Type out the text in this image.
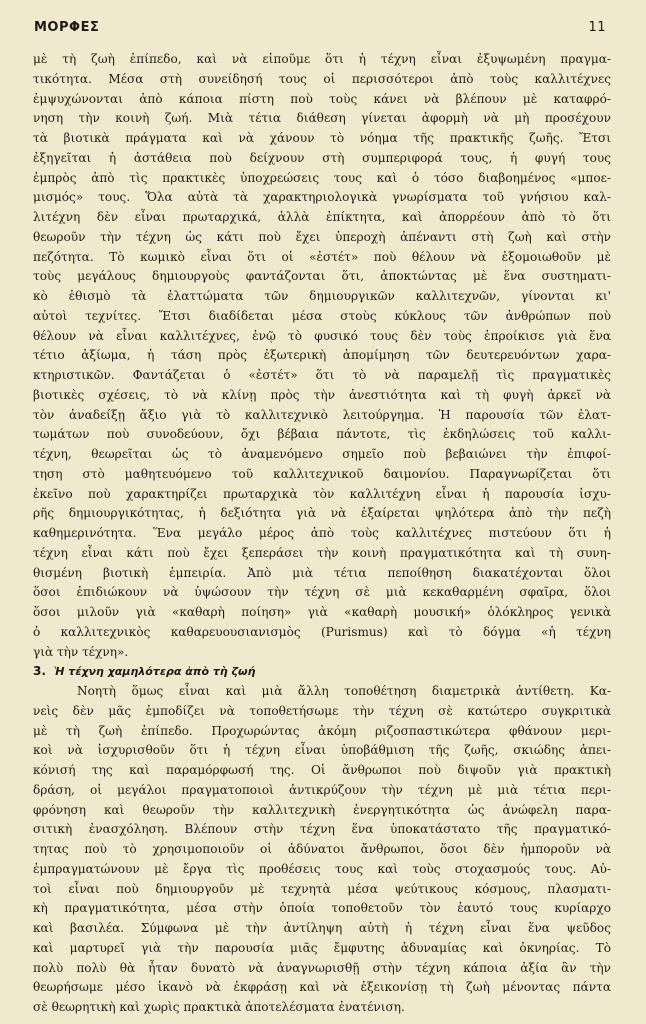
ΜΟΡΦΕΣ	11
μὲ τὴ ζωὴ ἐπίπεδο, καὶ νὰ εἰποῦμε ὅτι ἡ τέχνη εἶναι ἐξυψωμένη πραγμα-
τικότητα. Μέσα στὴ συνείδησή τους οἱ περισσότεροι ἀπὸ τοὺς καλλιτέχνες
ἐμψυχώνονται ἀπὸ κάποια πίστη ποὺ τοὺς κάνει νὰ βλέπουν μὲ καταφρό-
νηση τὴν κοινὴ ζωή. Μιὰ τέτια διάθεση γίνεται ἀφορμὴ νὰ μὴ προσέχουν
τὰ βιοτικὰ πράγματα καὶ νὰ χάνουν τὸ νόημα τῆς πρακτικῆς ζωῆς. Ἔτσι
ἐξηγεῖται ἡ ἀστάθεια ποὺ δείχνουν στὴ συμπεριφορά τους, ἡ φυγή τους
ἐμπρὸς ἀπὸ τὶς πρακτικὲς ὑποχρεώσεις τους καὶ ὁ τόσο διαβοημένος «μποε-
μισμός» τους. Ὅλα αὐτὰ τὰ χαρακτηριολογικὰ γνωρίσματα τοῦ γνήσιου καλ-
λιτέχνη δὲν εἶναι πρωταρχικά, ἀλλὰ ἐπίκτητα, καὶ ἀπορρέουν ἀπὸ τὸ ὅτι
θεωροῦν τὴν τέχνη ὡς κάτι ποὺ ἔχει ὑπεροχὴ ἀπέναντι στὴ ζωὴ καὶ στὴν
πεζότητα. Τὸ κωμικὸ εἶναι ὅτι οἱ «ἐστέτ» ποὺ θέλουν νὰ ἐξομοιωθοῦν μὲ
τοὺς μεγάλους δημιουργοὺς φαντάζονται ὅτι, ἀποκτώντας μὲ ἕνα συστηματι-
κὸ ἐθισμὸ τὰ ἐλαττώματα τῶν δημιουργικῶν καλλιτεχνῶν, γίνονται κι'
αὐτοὶ τεχνίτες. Ἔτσι διαδίδεται μέσα στοὺς κύκλους τῶν ἀνθρώπων ποὺ
θέλουν νὰ εἶναι καλλιτέχνες, ἐνῷ τὸ φυσικό τους δὲν τοὺς ἐπροίκισε γιὰ ἕνα
τέτιο ἀξίωμα, ἡ τάση πρὸς ἐξωτερικὴ ἀπομίμηση τῶν δευτερευόντων χαρα-
κτηριστικῶν. Φαντάζεται ὁ «ἐστέτ» ὅτι τὸ νὰ παραμελῇ τὶς πραγματικὲς
βιοτικὲς σχέσεις, τὸ νὰ κλίνῃ πρὸς τὴν ἀνεστιότητα καὶ τὴ φυγὴ ἀρκεῖ νὰ
τὸν ἀναδείξῃ ἄξιο γιὰ τὸ καλλιτεχνικὸ λειτούργημα. Ἡ παρουσία τῶν ἐλατ-
τωμάτων ποὺ συνοδεύουν, ὄχι βέβαια πάντοτε, τὶς ἐκδηλώσεις τοῦ καλλι-
τέχνη, θεωρεῖται ὡς τὸ ἀναμενόμενο σημεῖο ποὺ βεβαιώνει τὴν ἐπιφοί-
τηση στὸ μαθητευόμενο τοῦ καλλιτεχνικοῦ δαιμονίου. Παραγνωρίζεται ὅτι
ἐκεῖνο ποὺ χαρακτηρίζει πρωταρχικὰ τὸν καλλιτέχνη εἶναι ἡ παρουσία ἰσχυ-
ρῆς δημιουργικότητας, ἡ δεξιότητα γιὰ νὰ ἐξαίρεται ψηλότερα ἀπὸ τὴν πεζὴ
καθημερινότητα. Ἕνα μεγάλο μέρος ἀπὸ τοὺς καλλιτέχνες πιστεύουν ὅτι ἡ
τέχνη εἶναι κάτι ποὺ ἔχει ξεπεράσει τὴν κοινὴ πραγματικότητα καὶ τὴ συνη-
θισμένη βιοτικὴ ἐμπειρία. Ἀπὸ μιὰ τέτια πεποίθηση διακατέχονται ὅλοι
ὅσοι ἐπιδιώκουν νὰ ὑψώσουν τὴν τέχνη σὲ μιὰ κεκαθαρμένη σφαῖρα, ὅλοι
ὅσοι μιλοῦν γιὰ «καθαρὴ ποίηση» γιὰ «καθαρὴ μουσική» ὁλόκληρος γενικὰ
ὁ καλλιτεχνικὸς καθαρευουσιανισμὸς (Purismus) καὶ τὸ δόγμα «ἡ τέχνη
γιὰ τὴν τέχνη».
3. Ἡ τέχνη χαμηλότερα ἀπὸ τὴ ζωή
Νοητὴ ὅμως εἶναι καὶ μιὰ ἄλλη τοποθέτηση διαμετρικὰ ἀντίθετη. Κα-
νεὶς δὲν μᾶς ἐμποδίζει νὰ τοποθετήσωμε τὴν τέχνη σὲ κατώτερο συγκριτικὰ
μὲ τὴ ζωὴ ἐπίπεδο. Προχωρώντας ἀκόμη ριζοσπαστικώτερα φθάνουν μερι-
κοὶ νὰ ἰσχυρισθοῦν ὅτι ἡ τέχνη εἶναι ὑποβάθμιση τῆς ζωῆς, σκιώδης ἀπει-
κόνισή της καὶ παραμόρφωσή της. Οἱ ἄνθρωποι ποὺ διψοῦν γιὰ πρακτικὴ
δράση, οἱ μεγάλοι πραγματοποιοὶ ἀντικρύζουν τὴν τέχνη μὲ μιὰ τέτια περι-
φρόνηση καὶ θεωροῦν τὴν καλλιτεχνικὴ ἐνεργητικότητα ὡς ἀνώφελη παρα-
σιτικὴ ἐνασχόληση. Βλέπουν στὴν τέχνη ἕνα ὑποκατάστατο τῆς πραγματικό-
τητας ποὺ τὸ χρησιμοποιοῦν οἱ ἀδύνατοι ἄνθρωποι, ὅσοι δὲν ἠμποροῦν νὰ
ἐμπραγματώνουν μὲ ἔργα τὶς προθέσεις τους καὶ τοὺς στοχασμούς τους. Αὐ-
τοὶ εἶναι ποὺ δημιουργοῦν μὲ τεχνητὰ μέσα ψεύτικους κόσμους, πλασματι-
κὴ πραγματικότητα, μέσα στὴν ὁποία τοποθετοῦν τὸν ἑαυτό τους κυρίαρχο
καὶ βασιλέα. Σύμφωνα μὲ τὴν ἀντίληψη αὐτὴ ἡ τέχνη εἶναι ἕνα ψεῦδος
καὶ μαρτυρεῖ γιὰ τὴν παρουσία μιᾶς ἔμφυτης ἀδυναμίας καὶ ὀκνηρίας. Τὸ
πολὺ πολὺ θὰ ἦταν δυνατὸ νὰ ἀναγνωρισθῇ στὴν τέχνη κάποια ἀξία ἂν τὴν
θεωρήσωμε μέσο ἱκανὸ νὰ ἐκφράσῃ καὶ νὰ ἐξεικονίσῃ τὴ ζωὴ μένοντας πάντα
σὲ θεωρητικὴ καὶ χωρὶς πρακτικὰ ἀποτελέσματα ἐνατένιση.
